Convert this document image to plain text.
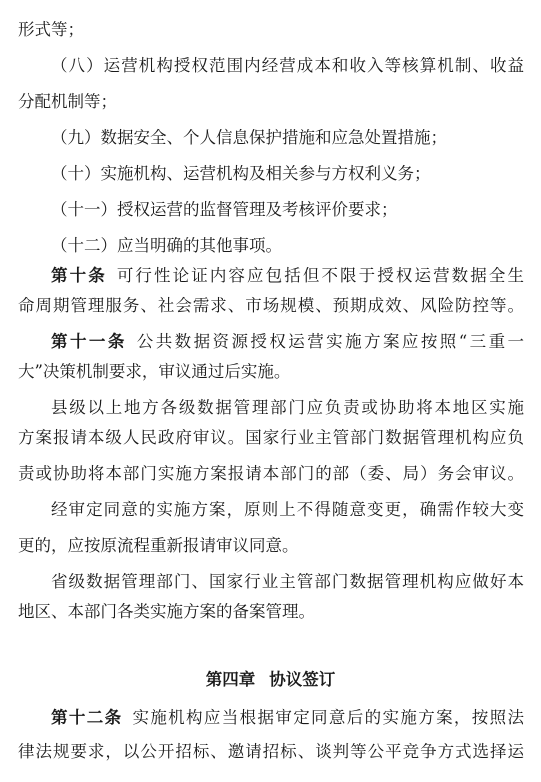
形式等；
（八）运营机构授权范围内经营成本和收入等核算机制、收益
分配机制等；
（九）数据安全、个人信息保护措施和应急处置措施；
（十）实施机构、运营机构及相关参与方权利义务；
（十一）授权运营的监督管理及考核评价要求；
（十二）应当明确的其他事项。
第十条 可行性论证内容应包括但不限于授权运营数据全生
命周期管理服务、社会需求、市场规模、预期成效、风险防控等。
第十一条 公共数据资源授权运营实施方案应按照“三重一
大”决策机制要求，审议通过后实施。
县级以上地方各级数据管理部门应负责或协助将本地区实施
方案报请本级人民政府审议。国家行业主管部门数据管理机构应负
责或协助将本部门实施方案报请本部门的部（委、局）务会审议。
经审定同意的实施方案，原则上不得随意变更，确需作较大变
更的，应按原流程重新报请审议同意。
省级数据管理部门、国家行业主管部门数据管理机构应做好本
地区、本部门各类实施方案的备案管理。
第四章 协议签订
第十二条 实施机构应当根据审定同意后的实施方案，按照法
律法规要求，以公开招标、邀请招标、谈判等公平竞争方式选择运
